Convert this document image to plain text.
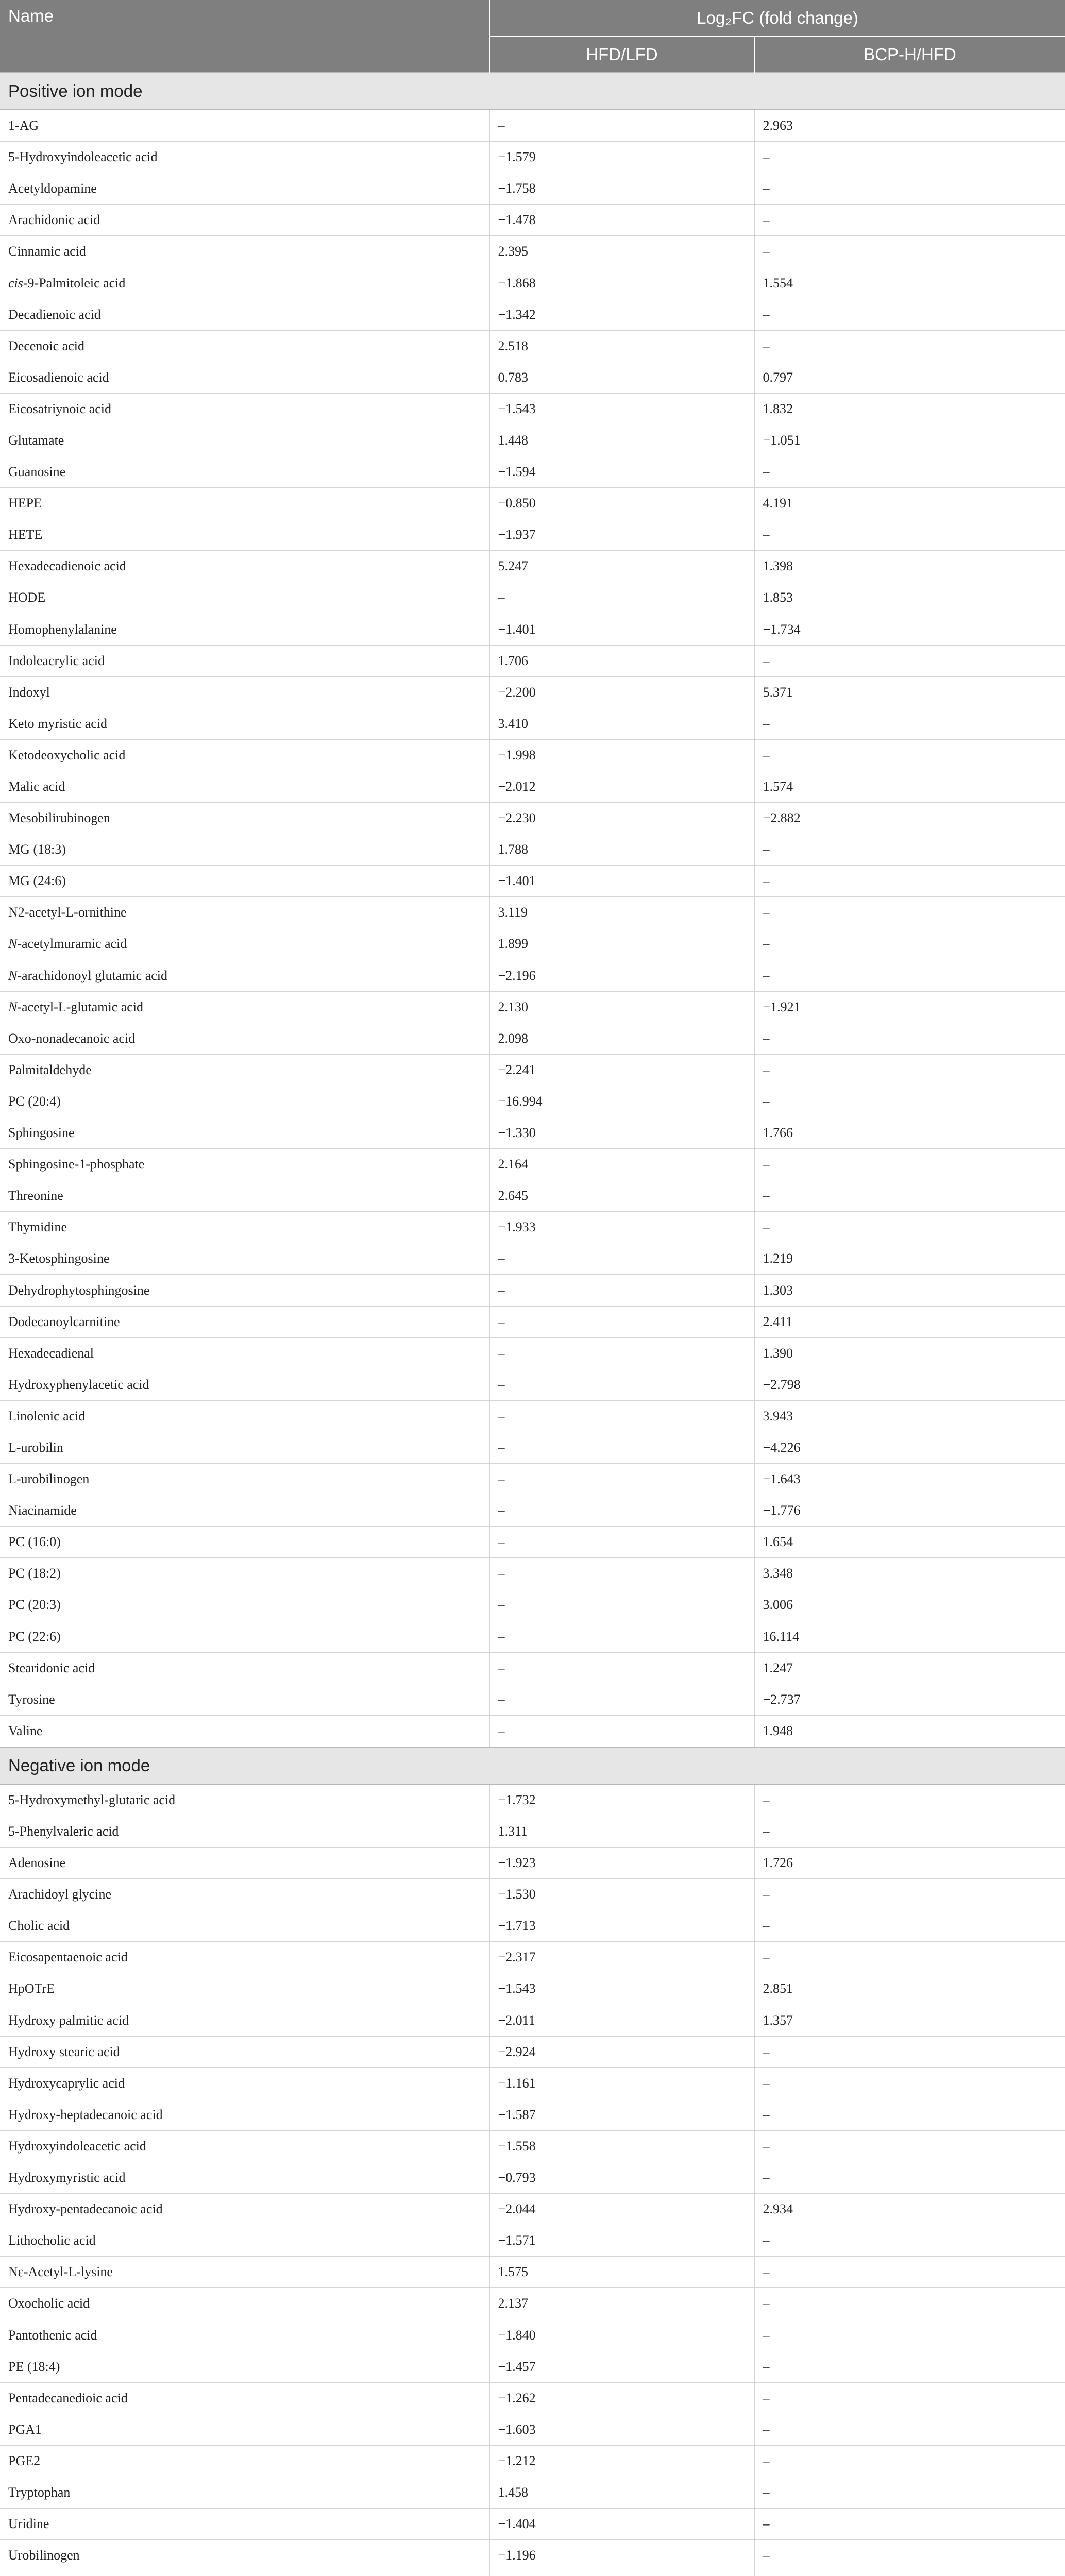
Name	Log₂FC (fold change)	
	HFD/LFD	BCP-H/HFD
Positive ion mode		
1-AG	–	2.963
5-Hydroxyindoleacetic acid	−1.579	–
Acetyldopamine	−1.758	–
Arachidonic acid	−1.478	–
Cinnamic acid	2.395	–
cis-9-Palmitoleic acid	−1.868	1.554
Decadienoic acid	−1.342	–
Decenoic acid	2.518	–
Eicosadienoic acid	0.783	0.797
Eicosatriynoic acid	−1.543	1.832
Glutamate	1.448	−1.051
Guanosine	−1.594	–
HEPE	−0.850	4.191
HETE	−1.937	–
Hexadecadienoic acid	5.247	1.398
HODE	–	1.853
Homophenylalanine	−1.401	−1.734
Indoleacrylic acid	1.706	–
Indoxyl	−2.200	5.371
Keto myristic acid	3.410	–
Ketodeoxycholic acid	−1.998	–
Malic acid	−2.012	1.574
Mesobilirubinogen	−2.230	−2.882
MG (18:3)	1.788	–
MG (24:6)	−1.401	–
N2-acetyl-L-ornithine	3.119	–
N-acetylmuramic acid	1.899	–
N-arachidonoyl glutamic acid	−2.196	–
N-acetyl-L-glutamic acid	2.130	−1.921
Oxo-nonadecanoic acid	2.098	–
Palmitaldehyde	−2.241	–
PC (20:4)	−16.994	–
Sphingosine	−1.330	1.766
Sphingosine-1-phosphate	2.164	–
Threonine	2.645	–
Thymidine	−1.933	–
3-Ketosphingosine	–	1.219
Dehydrophytosphingosine	–	1.303
Dodecanoylcarnitine	–	2.411
Hexadecadienal	–	1.390
Hydroxyphenylacetic acid	–	−2.798
Linolenic acid	–	3.943
L-urobilin	–	−4.226
L-urobilinogen	–	−1.643
Niacinamide	–	−1.776
PC (16:0)	–	1.654
PC (18:2)	–	3.348
PC (20:3)	–	3.006
PC (22:6)	–	16.114
Stearidonic acid	–	1.247
Tyrosine	–	−2.737
Valine	–	1.948
Negative ion mode		
5-Hydroxymethyl-glutaric acid	−1.732	–
5-Phenylvaleric acid	1.311	–
Adenosine	−1.923	1.726
Arachidoyl glycine	−1.530	–
Cholic acid	−1.713	–
Eicosapentaenoic acid	−2.317	–
HpOTrE	−1.543	2.851
Hydroxy palmitic acid	−2.011	1.357
Hydroxy stearic acid	−2.924	–
Hydroxycaprylic acid	−1.161	–
Hydroxy-heptadecanoic acid	−1.587	–
Hydroxyindoleacetic acid	−1.558	–
Hydroxymyristic acid	−0.793	–
Hydroxy-pentadecanoic acid	−2.044	2.934
Lithocholic acid	−1.571	–
Nε-Acetyl-L-lysine	1.575	–
Oxocholic acid	2.137	–
Pantothenic acid	−1.840	–
PE (18:4)	−1.457	–
Pentadecanedioic acid	−1.262	–
PGA1	−1.603	–
PGE2	−1.212	–
Tryptophan	1.458	–
Uridine	−1.404	–
Urobilinogen	−1.196	–
